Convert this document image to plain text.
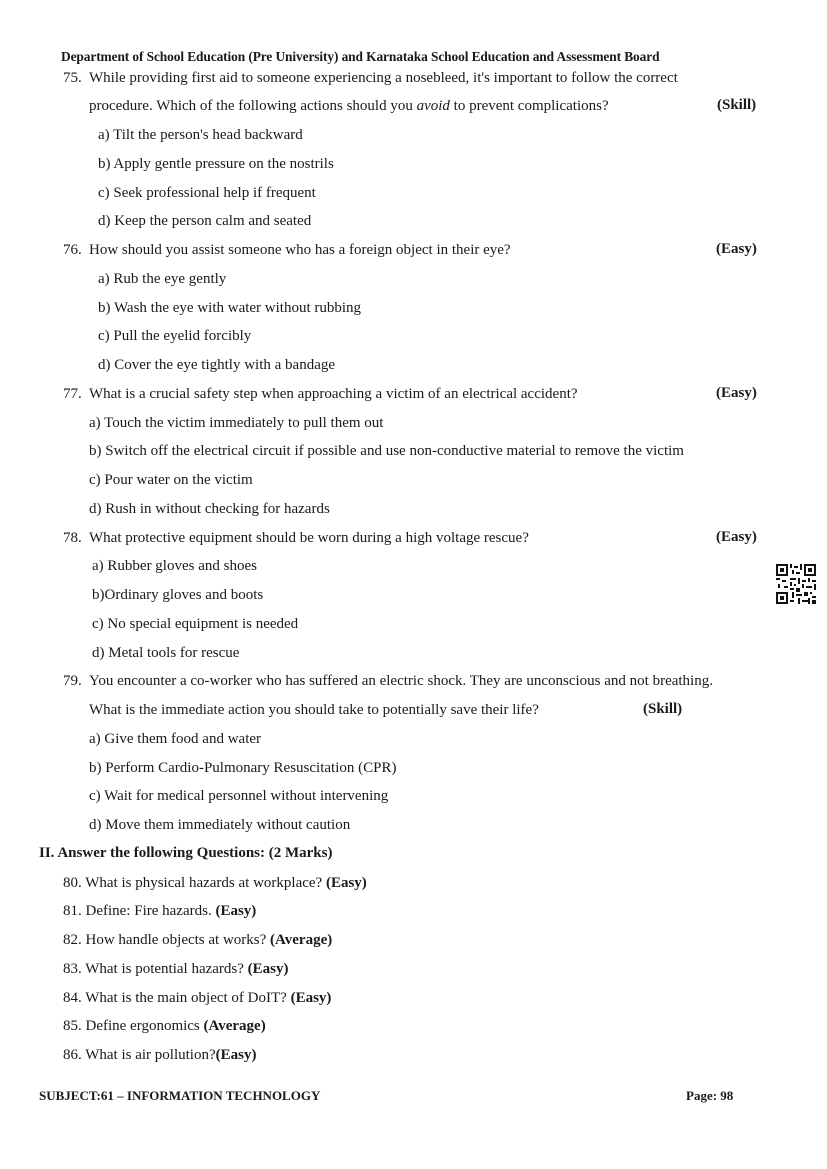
Department of School Education (Pre University) and Karnataka School Education and Assessment Board
75. While providing first aid to someone experiencing a nosebleed, it's important to follow the correct
procedure. Which of the following actions should you avoid to prevent complications?	(Skill)
a) Tilt the person's head backward
b) Apply gentle pressure on the nostrils
c) Seek professional help if frequent
d) Keep the person calm and seated
76. How should you assist someone who has a foreign object in their eye?	(Easy)
a) Rub the eye gently
b) Wash the eye with water without rubbing
c) Pull the eyelid forcibly
d) Cover the eye tightly with a bandage
77. What is a crucial safety step when approaching a victim of an electrical accident?	(Easy)
a) Touch the victim immediately to pull them out
b) Switch off the electrical circuit if possible and use non-conductive material to remove the victim
c) Pour water on the victim
d) Rush in without checking for hazards
78. What protective equipment should be worn during a high voltage rescue?	(Easy)
a) Rubber gloves and shoes
b)Ordinary gloves and boots
c) No special equipment is needed
d) Metal tools for rescue
79. You encounter a co-worker who has suffered an electric shock. They are unconscious and not breathing.
What is the immediate action you should take to potentially save their life?	(Skill)
a) Give them food and water
b) Perform Cardio-Pulmonary Resuscitation (CPR)
c) Wait for medical personnel without intervening
d) Move them immediately without caution
II. Answer the following Questions: (2 Marks)
80. What is physical hazards at workplace? (Easy)
81. Define: Fire hazards. (Easy)
82. How handle objects at works? (Average)
83. What is potential hazards? (Easy)
84. What is the main object of DoIT? (Easy)
85. Define ergonomics (Average)
86. What is air pollution?(Easy)
SUBJECT:61 – INFORMATION TECHNOLOGY	Page: 98
